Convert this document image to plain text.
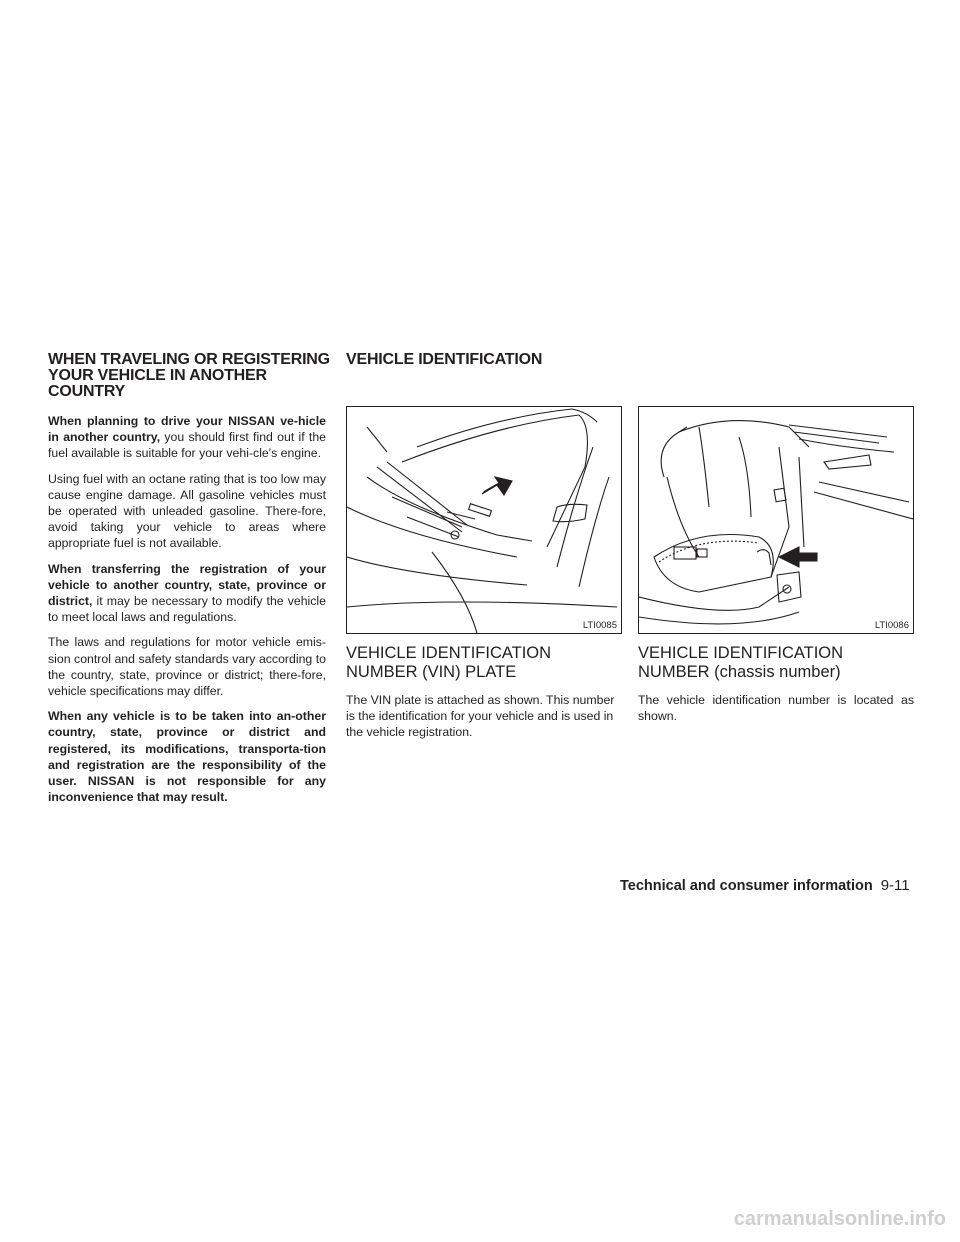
WHEN TRAVELING OR REGISTERING YOUR VEHICLE IN ANOTHER COUNTRY

When planning to drive your NISSAN ve-hicle in another country, you should first find out if the fuel available is suitable for your vehi-cle's engine.

Using fuel with an octane rating that is too low may cause engine damage. All gasoline vehicles must be operated with unleaded gasoline. There-fore, avoid taking your vehicle to areas where appropriate fuel is not available.

When transferring the registration of your vehicle to another country, state, province or district, it may be necessary to modify the vehicle to meet local laws and regulations.

The laws and regulations for motor vehicle emis-sion control and safety standards vary according to the country, state, province or district; there-fore, vehicle specifications may differ.

When any vehicle is to be taken into an-other country, state, province or district and registered, its modifications, transporta-tion and registration are the responsibility of the user. NISSAN is not responsible for any inconvenience that may result.

VEHICLE IDENTIFICATION
LTI0085
VEHICLE IDENTIFICATION NUMBER (VIN) PLATE

The VIN plate is attached as shown. This number is the identification for your vehicle and is used in the vehicle registration.

LTI0086
VEHICLE IDENTIFICATION NUMBER (chassis number)

The vehicle identification number is located as shown.

Technical and consumer information 9-11
carmanualsonline.info
